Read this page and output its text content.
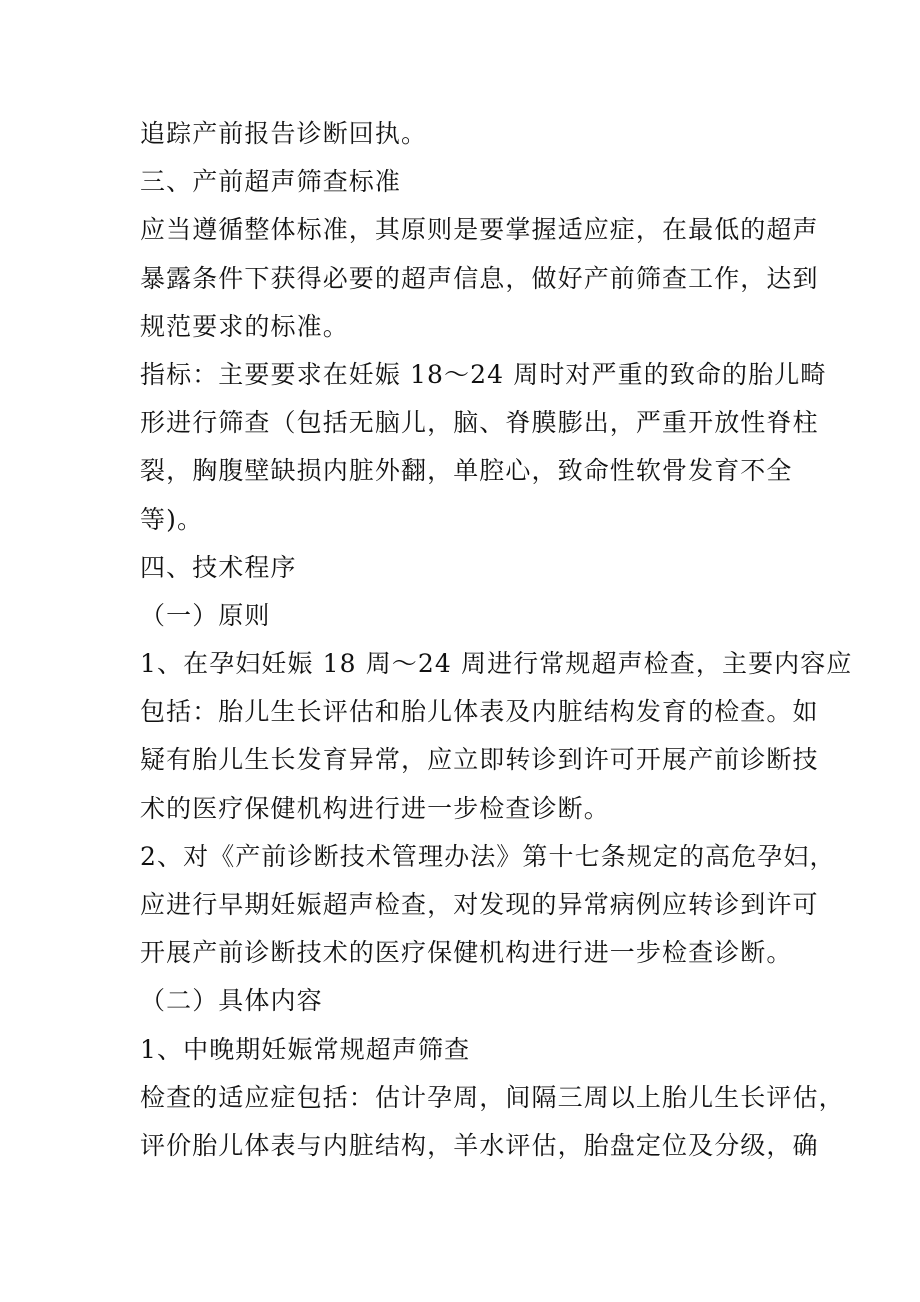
追踪产前报告诊断回执。
三、产前超声筛查标准
应当遵循整体标准，其原则是要掌握适应症，在最低的超声
暴露条件下获得必要的超声信息，做好产前筛查工作，达到
规范要求的标准。
指标：主要要求在妊娠 18～24 周时对严重的致命的胎儿畸
形进行筛查（包括无脑儿，脑、脊膜膨出，严重开放性脊柱
裂，胸腹壁缺损内脏外翻，单腔心，致命性软骨发育不全
等)。
四、技术程序
（一）原则
1、在孕妇妊娠 18 周～24 周进行常规超声检查，主要内容应
包括：胎儿生长评估和胎儿体表及内脏结构发育的检查。如
疑有胎儿生长发育异常，应立即转诊到许可开展产前诊断技
术的医疗保健机构进行进一步检查诊断。
2、对《产前诊断技术管理办法》第十七条规定的高危孕妇，
应进行早期妊娠超声检查，对发现的异常病例应转诊到许可
开展产前诊断技术的医疗保健机构进行进一步检查诊断。
（二）具体内容
1、中晚期妊娠常规超声筛查
检查的适应症包括：估计孕周，间隔三周以上胎儿生长评估，
评价胎儿体表与内脏结构，羊水评估，胎盘定位及分级，确
